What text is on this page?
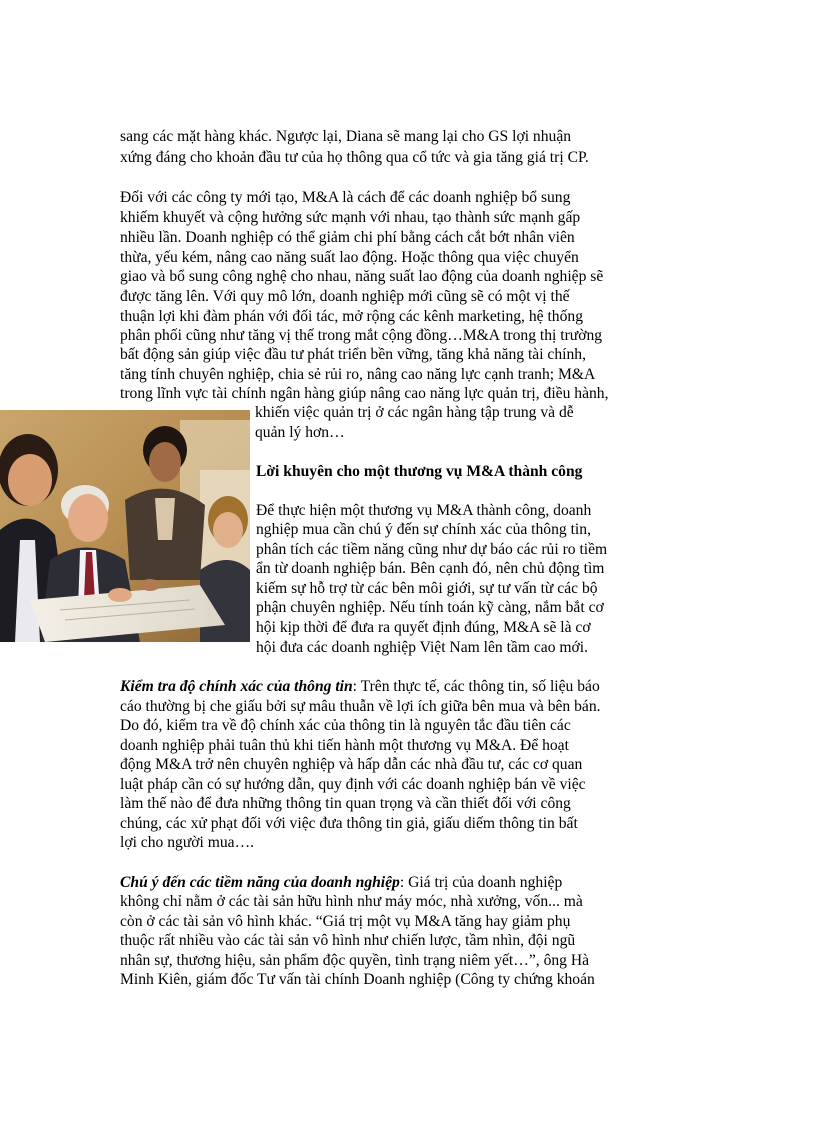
sang các mặt hàng khác. Ngược lại, Diana sẽ mang lại cho GS lợi nhuận
xứng đáng cho khoản đầu tư của họ thông qua cổ tức và gia tăng giá trị CP.
Đối với các công ty mới tạo, M&A là cách để các doanh nghiệp bổ sung
khiếm khuyết và cộng hưởng sức mạnh với nhau, tạo thành sức mạnh gấp
nhiều lần. Doanh nghiệp có thể giảm chi phí bằng cách cắt bớt nhân viên
thừa, yếu kém, nâng cao năng suất lao động. Hoặc thông qua việc chuyển
giao và bổ sung công nghệ cho nhau, năng suất lao động của doanh nghiệp sẽ
được tăng lên. Với quy mô lớn, doanh nghiệp mới cũng sẽ có một vị thế
thuận lợi khi đàm phán với đối tác, mở rộng các kênh marketing, hệ thống
phân phối cũng như tăng vị thế trong mắt cộng đồng…M&A trong thị trường
bất động sản giúp việc đầu tư phát triển bền vững, tăng khả năng tài chính,
tăng tính chuyên nghiệp, chia sẻ rủi ro, nâng cao năng lực cạnh tranh; M&A
trong lĩnh vực tài chính ngân hàng giúp nâng cao năng lực quản trị, điều hành,
khiến việc quản trị ở các ngân hàng tập trung và dễ
quản lý hơn…
Lời khuyên cho một thương vụ M&A thành công
Để thực hiện một thương vụ M&A thành công, doanh
nghiệp mua cần chú ý đến sự chính xác của thông tin,
phân tích các tiềm năng cũng như dự báo các rủi ro tiềm
ẩn từ doanh nghiệp bán. Bên cạnh đó, nên chủ động tìm
kiếm sự hỗ trợ từ các bên môi giới, sự tư vấn từ các bộ
phận chuyên nghiệp. Nếu tính toán kỹ càng, nắm bắt cơ
hội kịp thời để đưa ra quyết định đúng, M&A sẽ là cơ
hội đưa các doanh nghiệp Việt Nam lên tầm cao mới.
Kiểm tra độ chính xác của thông tin: Trên thực tế, các thông tin, số liệu báo
cáo thường bị che giấu bởi sự mâu thuẫn về lợi ích giữa bên mua và bên bán.
Do đó, kiểm tra về độ chính xác của thông tin là nguyên tắc đầu tiên các
doanh nghiệp phải tuân thủ khi tiến hành một thương vụ M&A. Để hoạt
động M&A trở nên chuyên nghiệp và hấp dẫn các nhà đầu tư, các cơ quan
luật pháp cần có sự hướng dẫn, quy định với các doanh nghiệp bán về việc
làm thế nào để đưa những thông tin quan trọng và cần thiết đối với công
chúng, các xử phạt đối với việc đưa thông tin giả, giấu diếm thông tin bất
lợi cho người mua….
Chú ý đến các tiềm năng của doanh nghiệp: Giá trị của doanh nghiệp
không chỉ nằm ở các tài sản hữu hình như máy móc, nhà xưởng, vốn... mà
còn ở các tài sản vô hình khác. “Giá trị một vụ M&A tăng hay giảm phụ
thuộc rất nhiều vào các tài sản vô hình như chiến lược, tầm nhìn, đội ngũ
nhân sự, thương hiệu, sản phẩm độc quyền, tình trạng niêm yết…”, ông Hà
Minh Kiên, giám đốc Tư vấn tài chính Doanh nghiệp (Công ty chứng khoán
